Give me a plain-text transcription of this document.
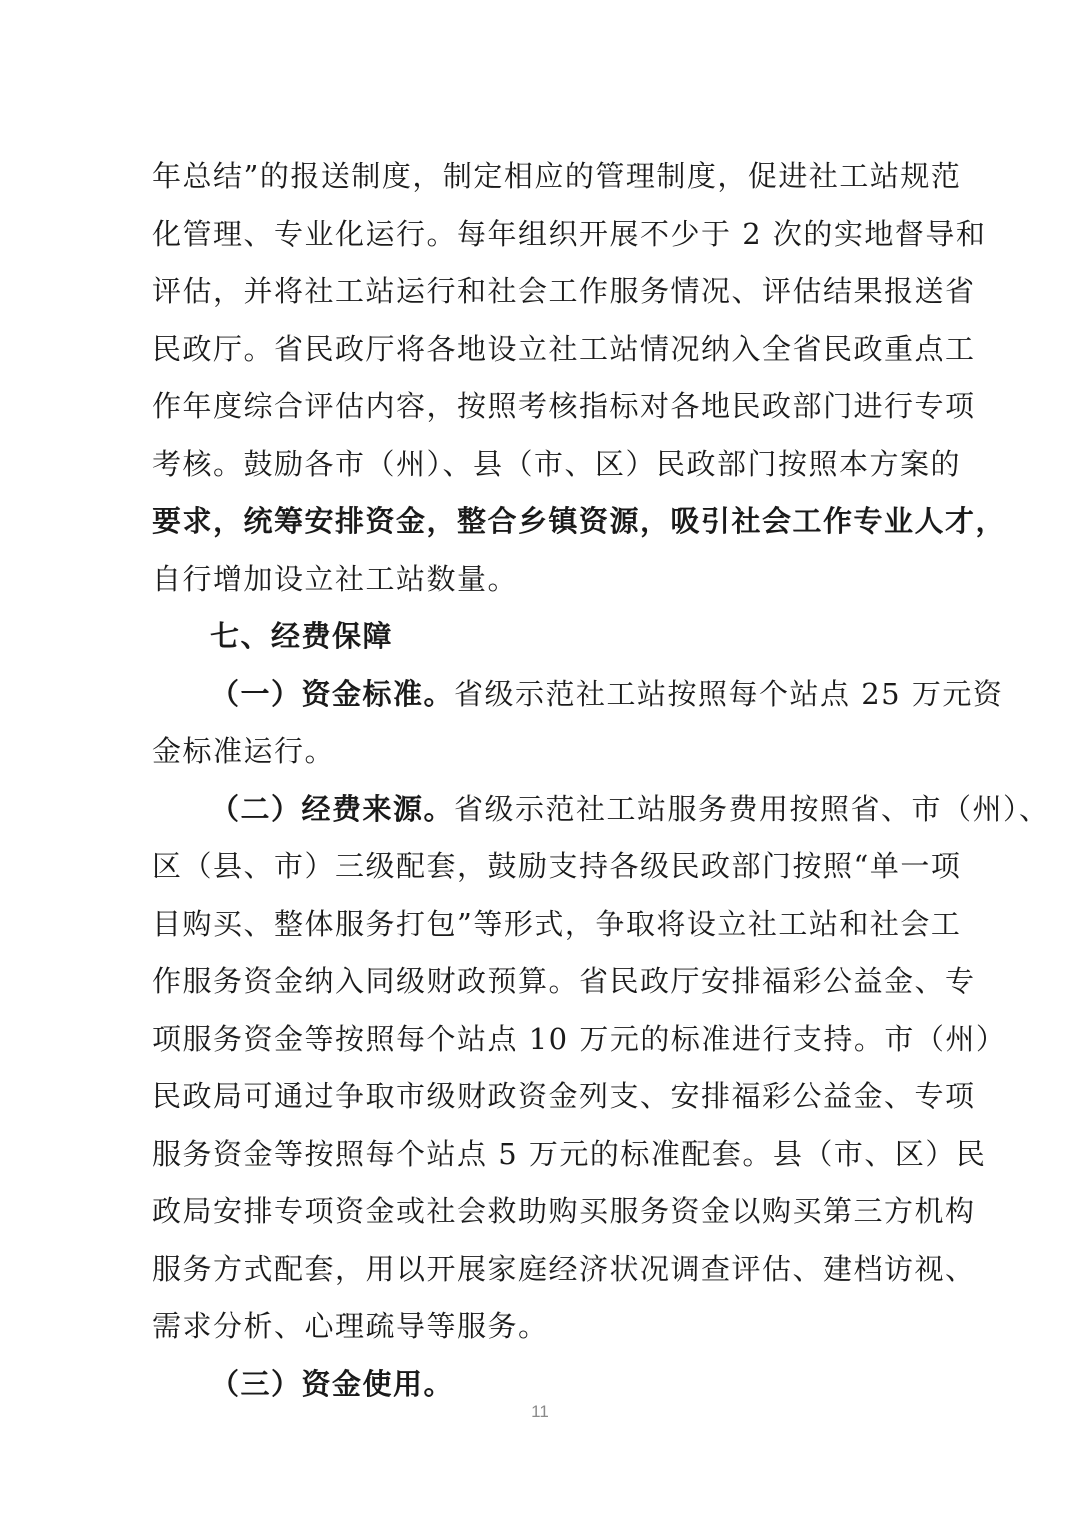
年总结”的报送制度，制定相应的管理制度，促进社工站规范
化管理、专业化运行。每年组织开展不少于 2 次的实地督导和
评估，并将社工站运行和社会工作服务情况、评估结果报送省
民政厅。省民政厅将各地设立社工站情况纳入全省民政重点工
作年度综合评估内容，按照考核指标对各地民政部门进行专项
考核。鼓励各市（州）、县（市、区）民政部门按照本方案的
要求，统筹安排资金，整合乡镇资源，吸引社会工作专业人才，
自行增加设立社工站数量。
七、经费保障
（一）资金标准。省级示范社工站按照每个站点 25 万元资
金标准运行。
（二）经费来源。省级示范社工站服务费用按照省、市（州）、
区（县、市）三级配套，鼓励支持各级民政部门按照“单一项
目购买、整体服务打包”等形式，争取将设立社工站和社会工
作服务资金纳入同级财政预算。省民政厅安排福彩公益金、专
项服务资金等按照每个站点 10 万元的标准进行支持。市（州）
民政局可通过争取市级财政资金列支、安排福彩公益金、专项
服务资金等按照每个站点 5 万元的标准配套。县（市、区）民
政局安排专项资金或社会救助购买服务资金以购买第三方机构
服务方式配套，用以开展家庭经济状况调查评估、建档访视、
需求分析、心理疏导等服务。
（三）资金使用。
11
